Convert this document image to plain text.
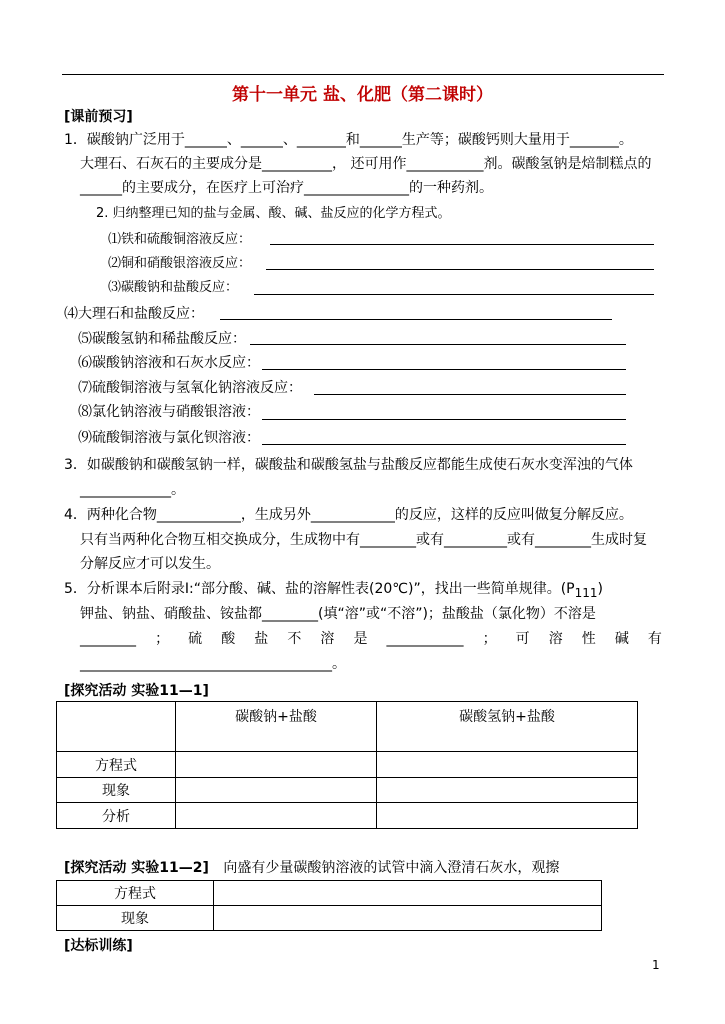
第十一单元 盐、化肥（第二课时）
[课前预习]
1．碳酸钠广泛用于______、______、_______和______生产等；碳酸钙则大量用于_______。
大理石、石灰石的主要成分是__________， 还可用作___________剂。碳酸氢钠是焙制糕点的
______的主要成分，在医疗上可治疗_______________的一种药剂。
2. 归纳整理已知的盐与金属、酸、碱、盐反应的化学方程式。
⑴铁和硫酸铜溶液反应：
⑵铜和硝酸银溶液反应：
⑶碳酸钠和盐酸反应：
⑷大理石和盐酸反应：
⑸碳酸氢钠和稀盐酸反应：
⑹碳酸钠溶液和石灰水反应：
⑺硫酸铜溶液与氢氧化钠溶液反应：
⑻氯化钠溶液与硝酸银溶液：
⑼硫酸铜溶液与氯化钡溶液：
3．如碳酸钠和碳酸氢钠一样，碳酸盐和碳酸氢盐与盐酸反应都能生成使石灰水变浑浊的气体
_____________。
4．两种化合物____________，生成另外____________的反应，这样的反应叫做复分解反应。
只有当两种化合物互相交换成分，生成物中有________或有_________或有________生成时复
分解反应才可以发生。
5．分析课本后附录Ⅰ:“部分酸、碱、盐的溶解性表(20℃)”，找出一些简单规律。$(P_{111})$
钾盐、钠盐、硝酸盐、铵盐都________(填“溶”或“不溶”)；盐酸盐（氯化物）不溶是
________ ； 硫 酸 盐 不 溶 是 ___________ ； 可 溶 性 碱 有
____________________________________。
[探究活动 实验11—1]
	碳酸钠+盐酸	碳酸氢钠+盐酸
方程式		
现象		
分析		
[探究活动 实验11—2] 向盛有少量碳酸钠溶液的试管中滴入澄清石灰水，观擦
方程式	
现象	
[达标训练]
1
